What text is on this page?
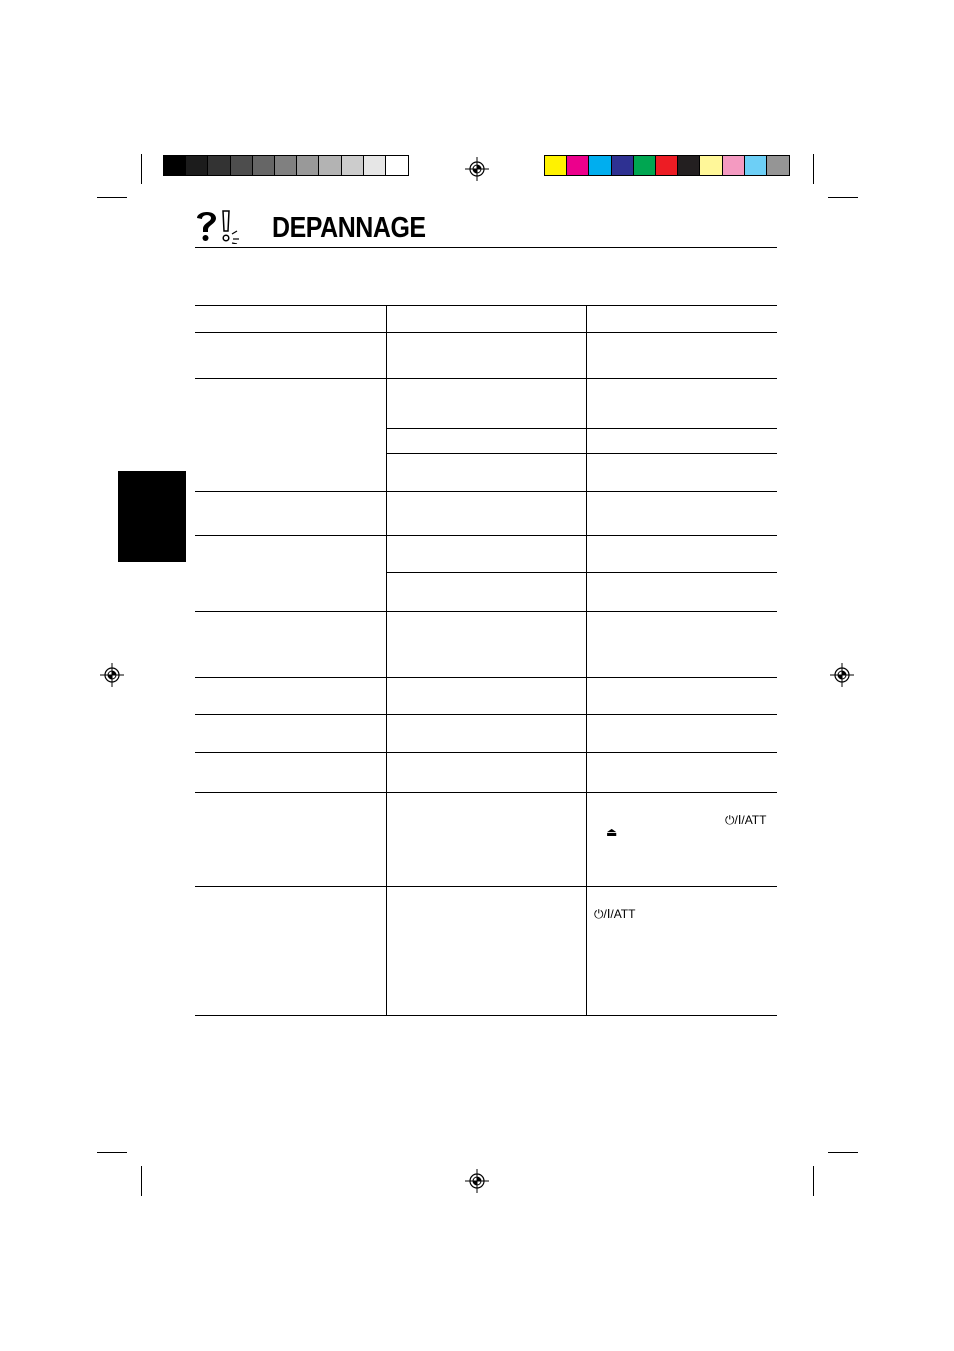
DEPANNAGE
⏻/Ⅰ/ATT
⏏
⏻/Ⅰ/ATT
